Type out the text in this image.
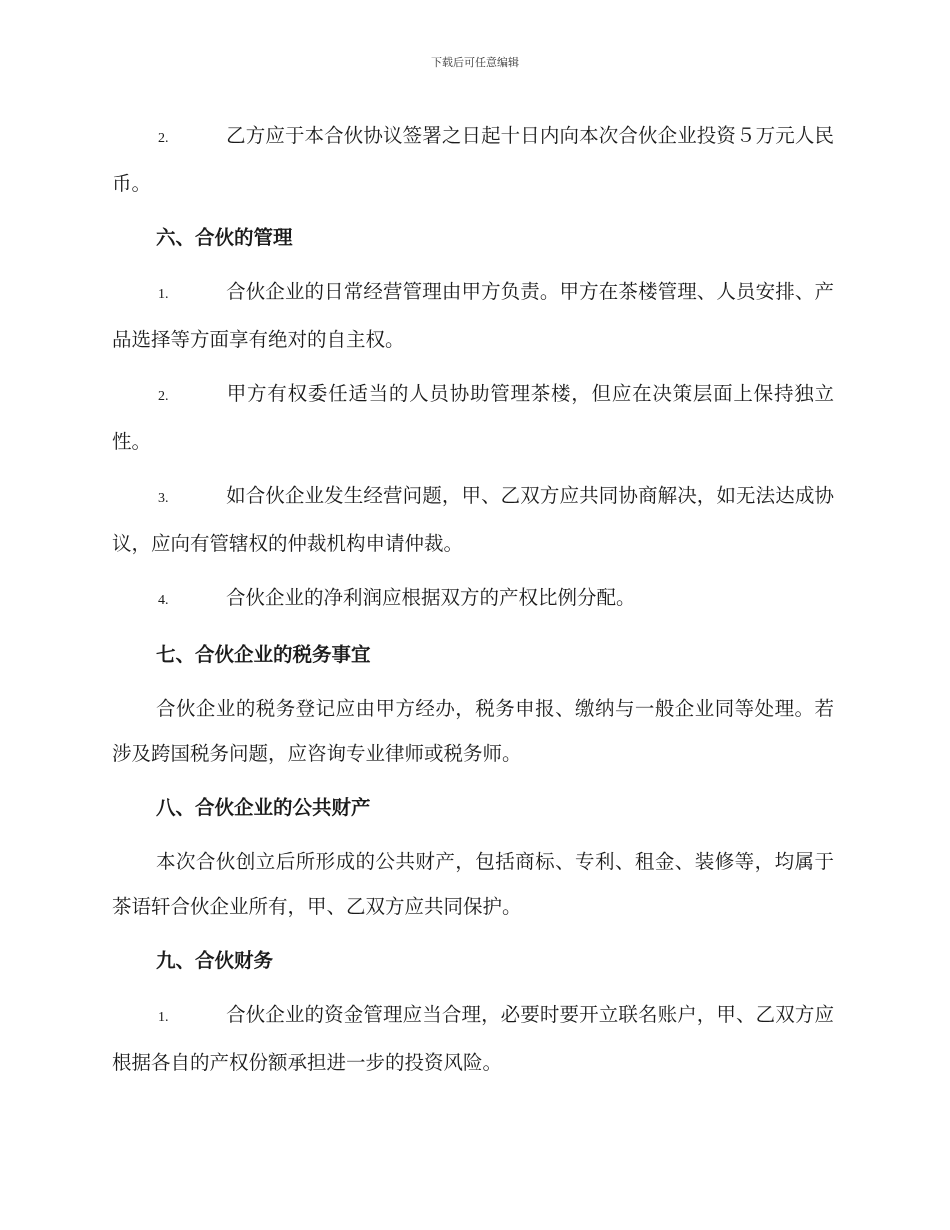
下载后可任意编辑
2.	乙方应于本合伙协议签署之日起十日内向本次合伙企业投资５万元人民币。
六、合伙的管理
1.	合伙企业的日常经营管理由甲方负责。甲方在茶楼管理、人员安排、产品选择等方面享有绝对的自主权。
2.	甲方有权委任适当的人员协助管理茶楼，但应在决策层面上保持独立性。
3.	如合伙企业发生经营问题，甲、乙双方应共同协商解决，如无法达成协议，应向有管辖权的仲裁机构申请仲裁。
4.	合伙企业的净利润应根据双方的产权比例分配。
七、合伙企业的税务事宜
合伙企业的税务登记应由甲方经办，税务申报、缴纳与一般企业同等处理。若涉及跨国税务问题，应咨询专业律师或税务师。
八、合伙企业的公共财产
本次合伙创立后所形成的公共财产，包括商标、专利、租金、装修等，均属于茶语轩合伙企业所有，甲、乙双方应共同保护。
九、合伙财务
1.	合伙企业的资金管理应当合理，必要时要开立联名账户，甲、乙双方应根据各自的产权份额承担进一步的投资风险。
